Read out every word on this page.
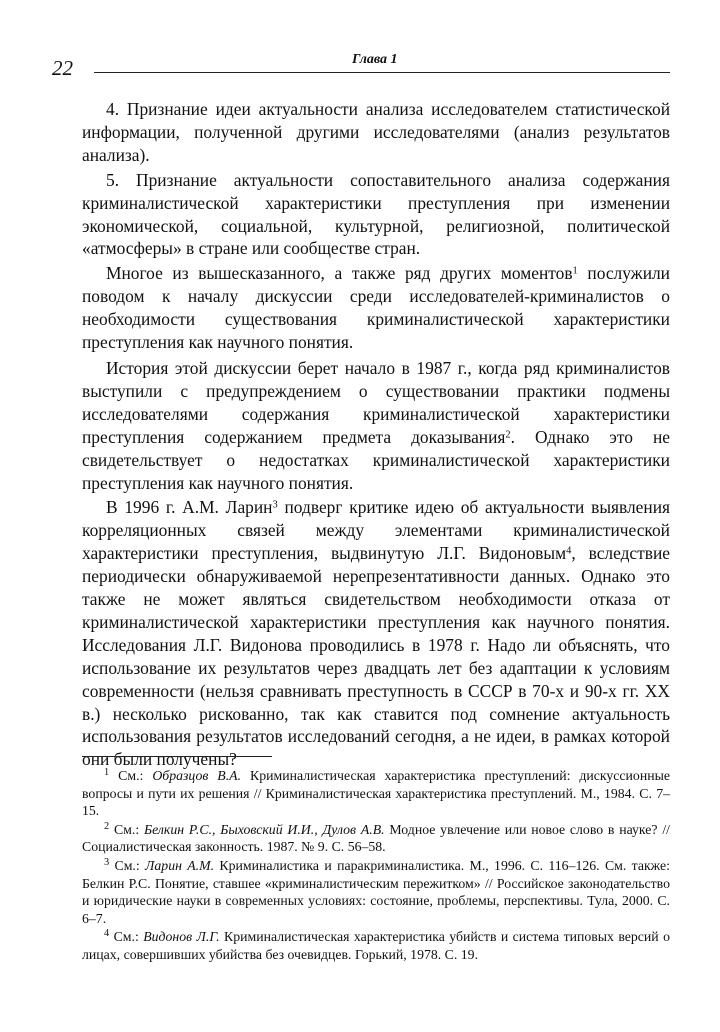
22	Глава 1

4. Признание идеи актуальности анализа исследователем статистической информации, полученной другими исследователями (анализ результатов анализа).

5. Признание актуальности сопоставительного анализа содержания криминалистической характеристики преступления при изменении экономической, социальной, культурной, религиозной, политической «атмосферы» в стране или сообществе стран.

Многое из вышесказанного, а также ряд других моментов$^1$ послужили поводом к началу дискуссии среди исследователей-криминалистов о необходимости существования криминалистической характеристики преступления как научного понятия.

История этой дискуссии берет начало в 1987 г., когда ряд криминалистов выступили с предупреждением о существовании практики подмены исследователями содержания криминалистической характеристики преступления содержанием предмета доказывания$^2$. Однако это не свидетельствует о недостатках криминалистической характеристики преступления как научного понятия.

В 1996 г. А.М. Ларин$^3$ подверг критике идею об актуальности выявления корреляционных связей между элементами криминалистической характеристики преступления, выдвинутую Л.Г. Видоновым$^4$, вследствие периодически обнаруживаемой нерепрезентативности данных. Однако это также не может являться свидетельством необходимости отказа от криминалистической характеристики преступления как научного понятия. Исследования Л.Г. Видонова проводились в 1978 г. Надо ли объяснять, что использование их результатов через двадцать лет без адаптации к условиям современности (нельзя сравнивать преступность в СССР в 70-х и 90-х гг. XX в.) несколько рискованно, так как ставится под сомнение актуальность использования результатов исследований сегодня, а не идеи, в рамках которой они были получены?

$^1$ См.: Образцов В.А. Криминалистическая характеристика преступлений: дискуссионные вопросы и пути их решения // Криминалистическая характеристика преступлений. М., 1984. С. 7–15.

$^2$ См.: Белкин Р.С., Быховский И.И., Дулов А.В. Модное увлечение или новое слово в науке? // Социалистическая законность. 1987. № 9. С. 56–58.

$^3$ См.: Ларин А.М. Криминалистика и паракриминалистика. М., 1996. С. 116–126. См. также: Белкин Р.С. Понятие, ставшее «криминалистическим пережитком» // Российское законодательство и юридические науки в современных условиях: состояние, проблемы, перспективы. Тула, 2000. С. 6–7.

$^4$ См.: Видонов Л.Г. Криминалистическая характеристика убийств и система типовых версий о лицах, совершивших убийства без очевидцев. Горький, 1978. С. 19.
